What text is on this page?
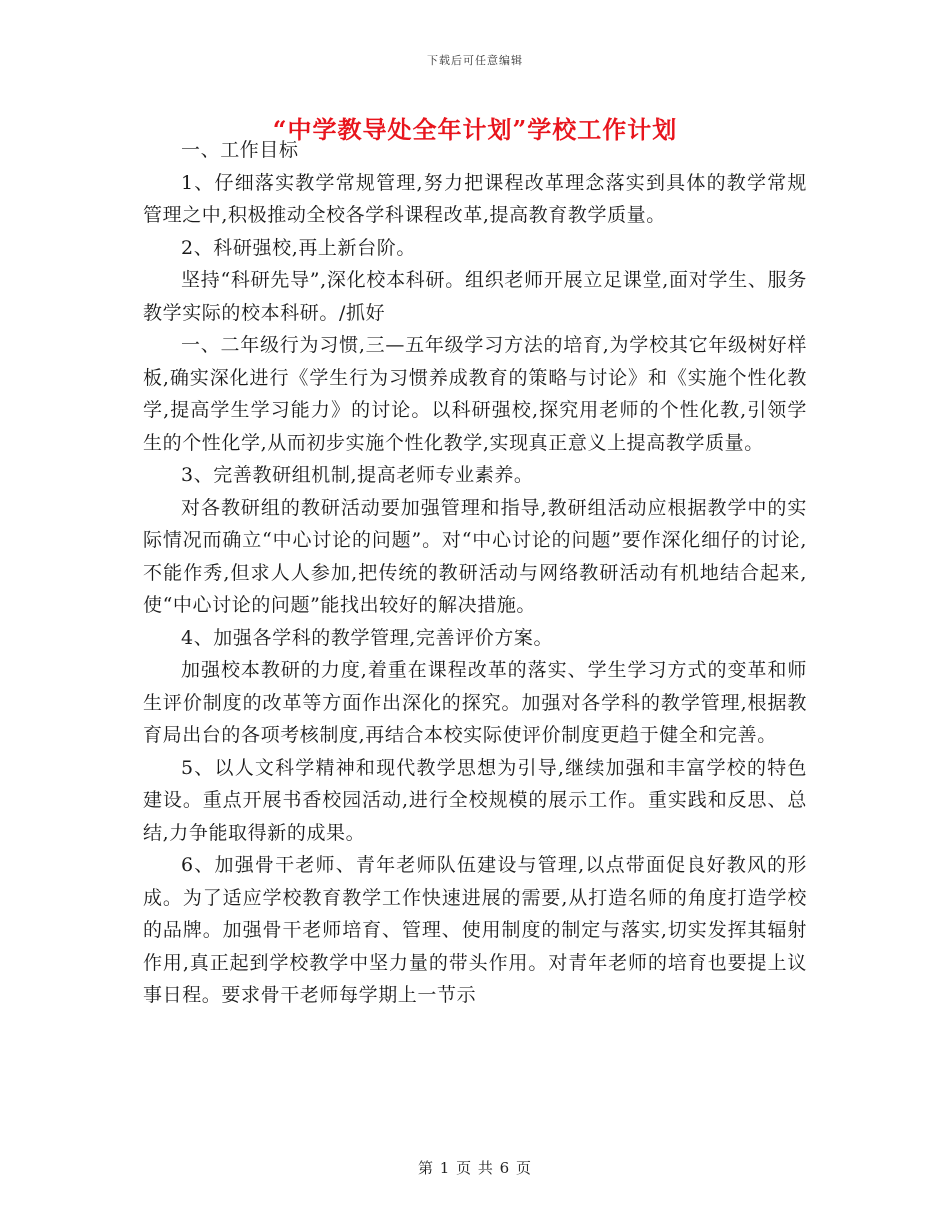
下载后可任意编辑
“中学教导处全年计划”学校工作计划

一、工作目标

1、仔细落实教学常规管理,努力把课程改革理念落实到具体的教学常规管理之中,积极推动全校各学科课程改革,提高教育教学质量。

2、科研强校,再上新台阶。

坚持“科研先导”,深化校本科研。组织老师开展立足课堂,面对学生、服务教学实际的校本科研。/抓好

一、二年级行为习惯,三—五年级学习方法的培育,为学校其它年级树好样板,确实深化进行《学生行为习惯养成教育的策略与讨论》和《实施个性化教学,提高学生学习能力》的讨论。以科研强校,探究用老师的个性化教,引领学生的个性化学,从而初步实施个性化教学,实现真正意义上提高教学质量。

3、完善教研组机制,提高老师专业素养。

对各教研组的教研活动要加强管理和指导,教研组活动应根据教学中的实际情况而确立“中心讨论的问题”。对“中心讨论的问题”要作深化细仔的讨论,不能作秀,但求人人参加,把传统的教研活动与网络教研活动有机地结合起来,使“中心讨论的问题”能找出较好的解决措施。

4、加强各学科的教学管理,完善评价方案。

加强校本教研的力度,着重在课程改革的落实、学生学习方式的变革和师生评价制度的改革等方面作出深化的探究。加强对各学科的教学管理,根据教育局出台的各项考核制度,再结合本校实际使评价制度更趋于健全和完善。

5、以人文科学精神和现代教学思想为引导,继续加强和丰富学校的特色建设。重点开展书香校园活动,进行全校规模的展示工作。重实践和反思、总结,力争能取得新的成果。

6、加强骨干老师、青年老师队伍建设与管理,以点带面促良好教风的形成。为了适应学校教育教学工作快速进展的需要,从打造名师的角度打造学校的品牌。加强骨干老师培育、管理、使用制度的制定与落实,切实发挥其辐射作用,真正起到学校教学中坚力量的带头作用。对青年老师的培育也要提上议事日程。要求骨干老师每学期上一节示

第 1 页 共 6 页
